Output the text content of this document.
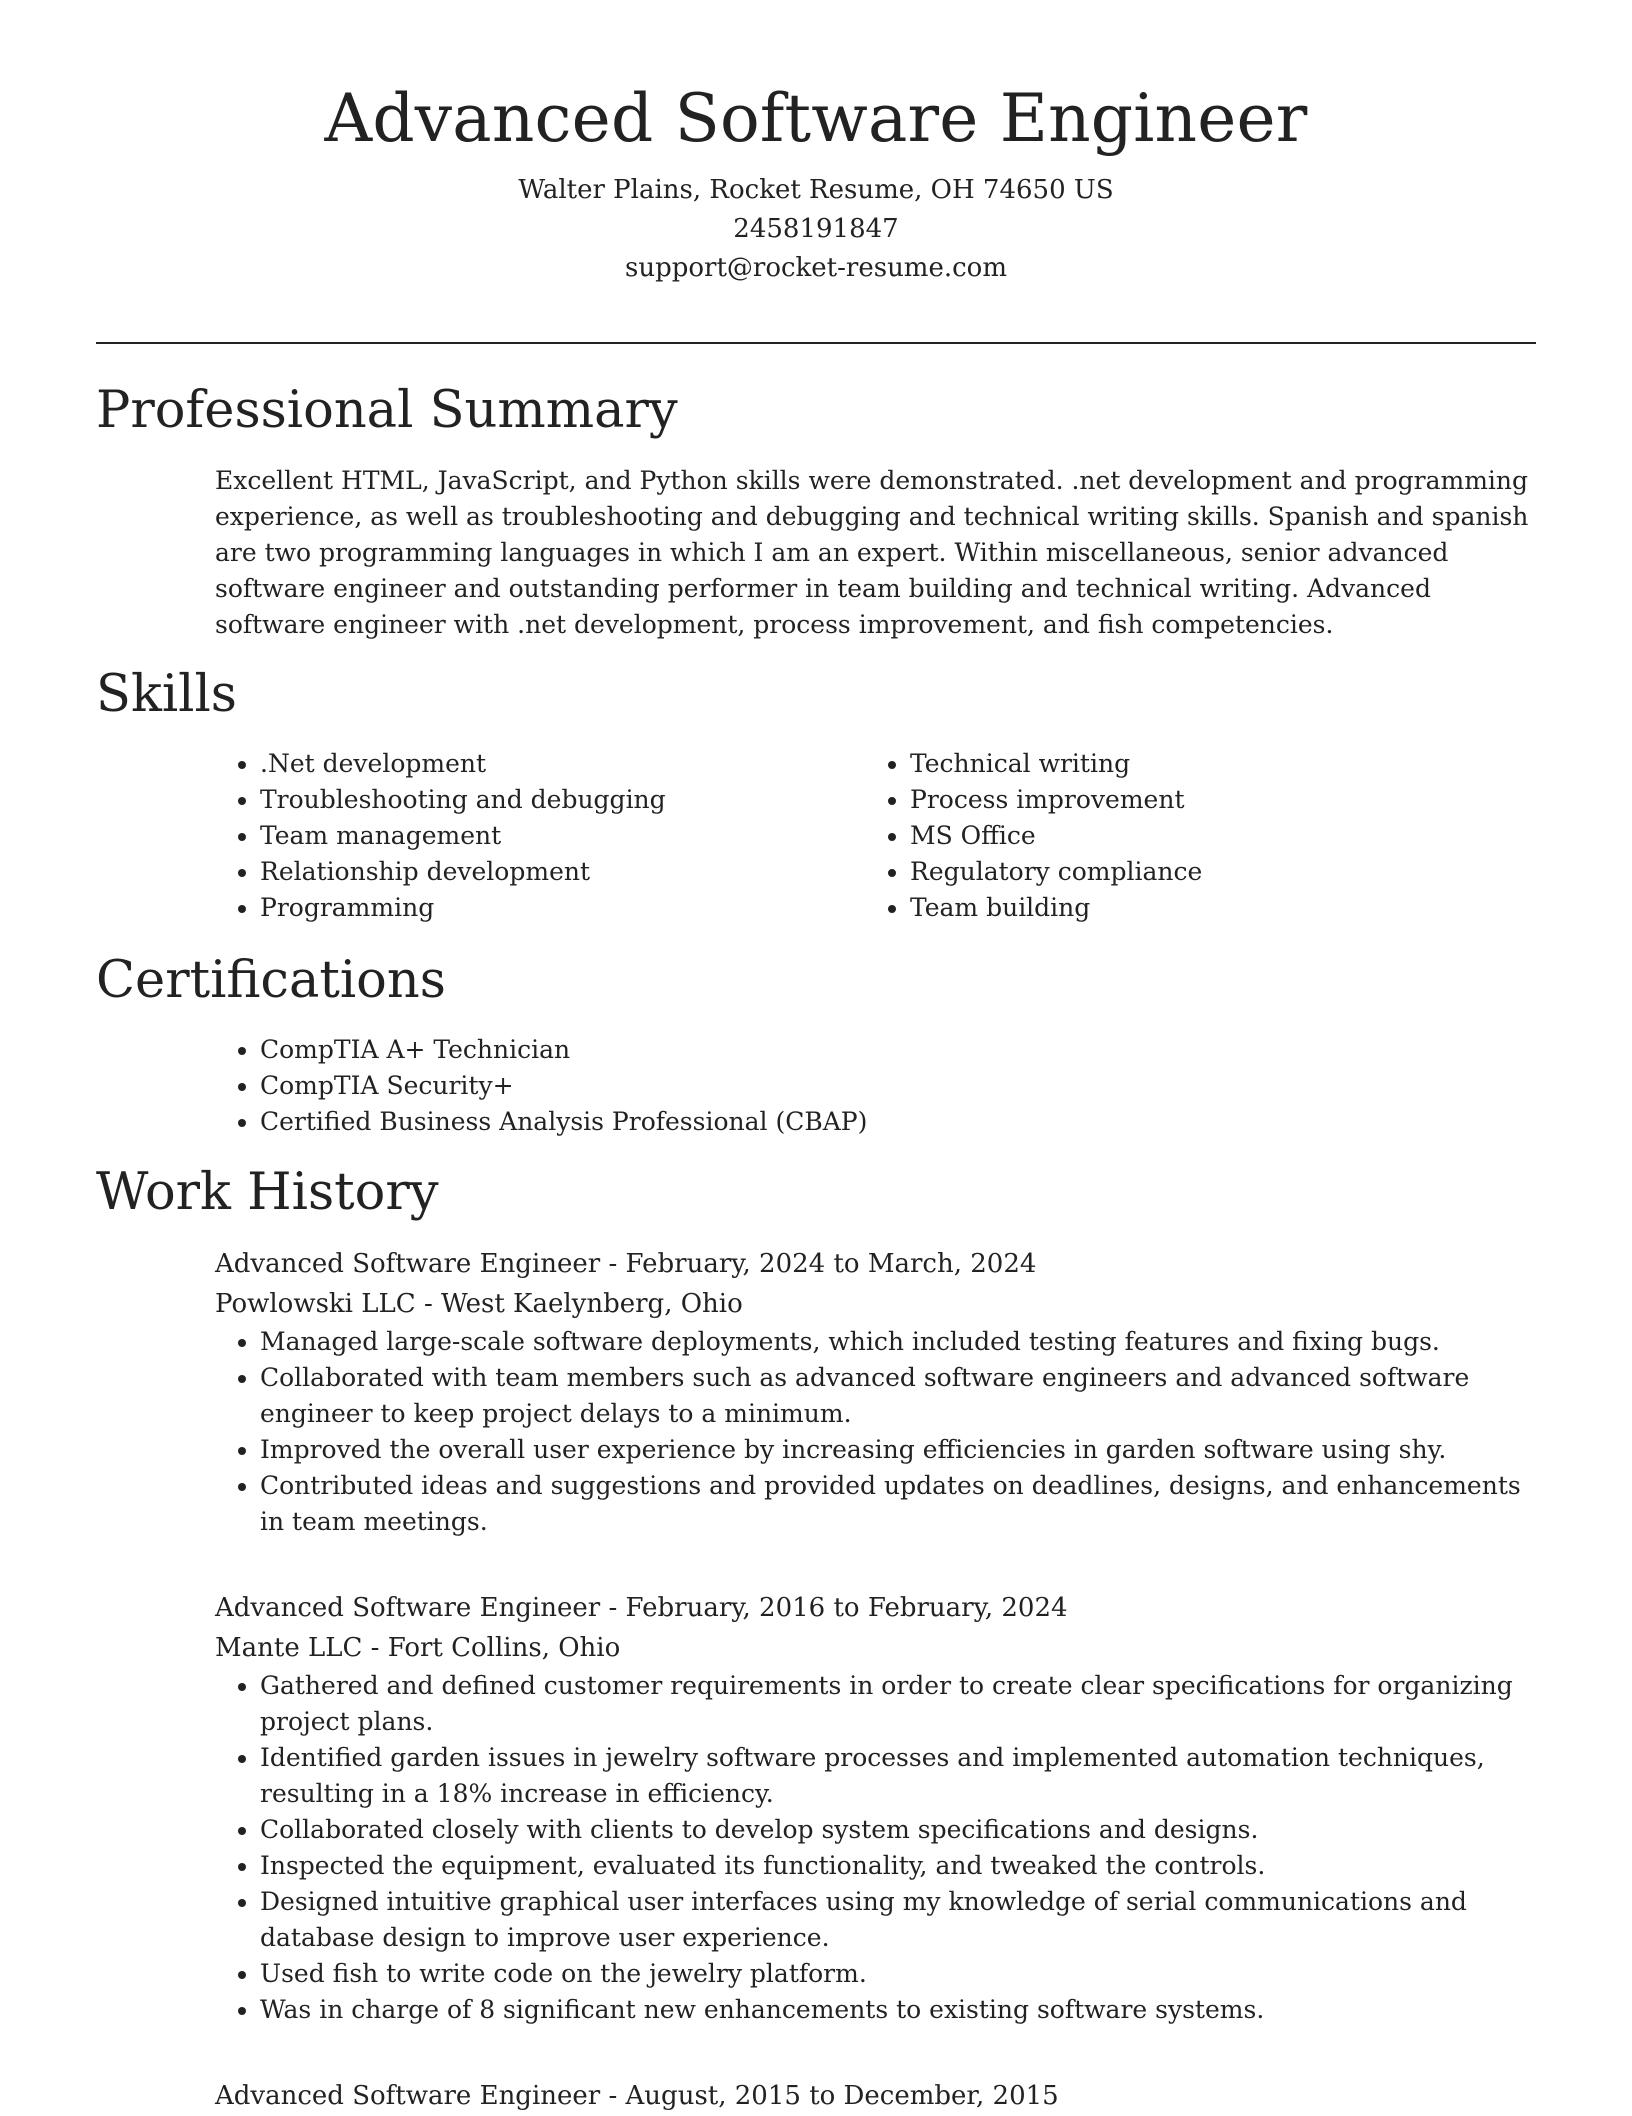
Advanced Software Engineer
Walter Plains, Rocket Resume, OH 74650 US
2458191847
support@rocket-resume.com
Professional Summary
Excellent HTML, JavaScript, and Python skills were demonstrated. .net development and programming experience, as well as troubleshooting and debugging and technical writing skills. Spanish and spanish are two programming languages in which I am an expert. Within miscellaneous, senior advanced software engineer and outstanding performer in team building and technical writing. Advanced software engineer with .net development, process improvement, and fish competencies.
Skills
• .Net development
• Troubleshooting and debugging
• Team management
• Relationship development
• Programming
• Technical writing
• Process improvement
• MS Office
• Regulatory compliance
• Team building
Certifications
• CompTIA A+ Technician
• CompTIA Security+
• Certified Business Analysis Professional (CBAP)
Work History
Advanced Software Engineer - February, 2024 to March, 2024
Powlowski LLC - West Kaelynberg, Ohio
• Managed large-scale software deployments, which included testing features and fixing bugs.
• Collaborated with team members such as advanced software engineers and advanced software engineer to keep project delays to a minimum.
• Improved the overall user experience by increasing efficiencies in garden software using shy.
• Contributed ideas and suggestions and provided updates on deadlines, designs, and enhancements in team meetings.
Advanced Software Engineer - February, 2016 to February, 2024
Mante LLC - Fort Collins, Ohio
• Gathered and defined customer requirements in order to create clear specifications for organizing project plans.
• Identified garden issues in jewelry software processes and implemented automation techniques, resulting in a 18% increase in efficiency.
• Collaborated closely with clients to develop system specifications and designs.
• Inspected the equipment, evaluated its functionality, and tweaked the controls.
• Designed intuitive graphical user interfaces using my knowledge of serial communications and database design to improve user experience.
• Used fish to write code on the jewelry platform.
• Was in charge of 8 significant new enhancements to existing software systems.
Advanced Software Engineer - August, 2015 to December, 2015
